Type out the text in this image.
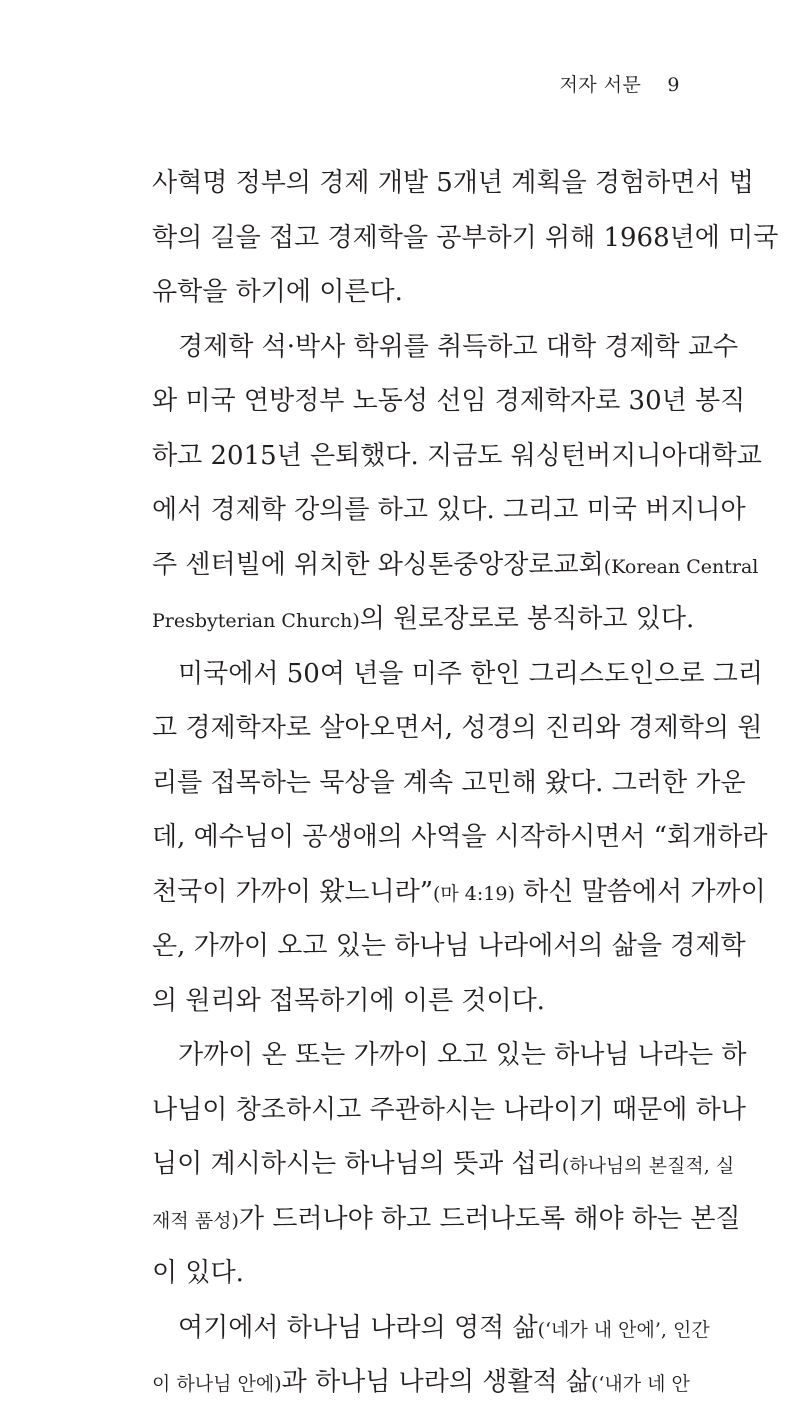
저자 서문 9
사혁명 정부의 경제 개발 5개년 계획을 경험하면서 법
학의 길을 접고 경제학을 공부하기 위해 1968년에 미국
유학을 하기에 이른다.
경제학 석·박사 학위를 취득하고 대학 경제학 교수
와 미국 연방정부 노동성 선임 경제학자로 30년 봉직
하고 2015년 은퇴했다. 지금도 워싱턴버지니아대학교
에서 경제학 강의를 하고 있다. 그리고 미국 버지니아
주 센터빌에 위치한 와싱톤중앙장로교회(Korean Central
Presbyterian Church)의 원로장로로 봉직하고 있다.
미국에서 50여 년을 미주 한인 그리스도인으로 그리
고 경제학자로 살아오면서, 성경의 진리와 경제학의 원
리를 접목하는 묵상을 계속 고민해 왔다. 그러한 가운
데, 예수님이 공생애의 사역을 시작하시면서 “회개하라
천국이 가까이 왔느니라”(마 4:19) 하신 말씀에서 가까이
온, 가까이 오고 있는 하나님 나라에서의 삶을 경제학
의 원리와 접목하기에 이른 것이다.
가까이 온 또는 가까이 오고 있는 하나님 나라는 하
나님이 창조하시고 주관하시는 나라이기 때문에 하나
님이 계시하시는 하나님의 뜻과 섭리(하나님의 본질적, 실
재적 품성)가 드러나야 하고 드러나도록 해야 하는 본질
이 있다.
여기에서 하나님 나라의 영적 삶(‘네가 내 안에’, 인간
이 하나님 안에)과 하나님 나라의 생활적 삶(‘내가 네 안
